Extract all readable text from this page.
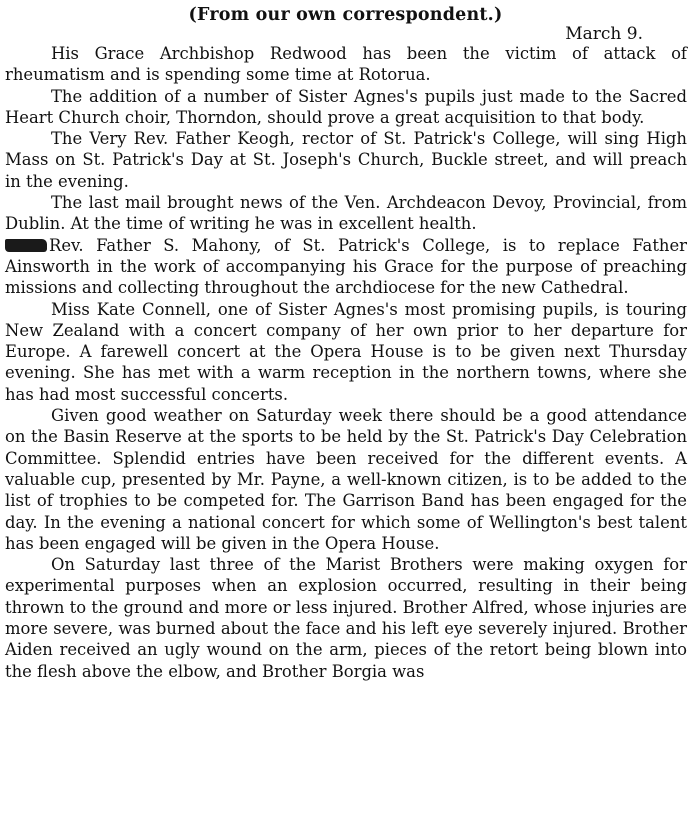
(From our own correspondent.)
March 9.

His Grace Archbishop Redwood has been the victim of attack of rheumatism and is spending some time at Rotorua.

The addition of a number of Sister Agnes's pupils just made to the Sacred Heart Church choir, Thorndon, should prove a great acquisition to that body.

The Very Rev. Father Keogh, rector of St. Patrick's College, will sing High Mass on St. Patrick's Day at St. Joseph's Church, Buckle street, and will preach in the evening.

The last mail brought news of the Ven. Archdeacon Devoy, Provincial, from Dublin. At the time of writing he was in excellent health.

Rev. Father S. Mahony, of St. Patrick's College, is to replace Father Ainsworth in the work of accompanying his Grace for the purpose of preaching missions and collecting throughout the archdiocese for the new Cathedral.

Miss Kate Connell, one of Sister Agnes's most promising pupils, is touring New Zealand with a concert company of her own prior to her departure for Europe. A farewell concert at the Opera House is to be given next Thursday evening. She has met with a warm reception in the northern towns, where she has had most successful concerts.

Given good weather on Saturday week there should be a good attendance on the Basin Reserve at the sports to be held by the St. Patrick's Day Celebration Committee. Splendid entries have been received for the different events. A valuable cup, presented by Mr. Payne, a well-known citizen, is to be added to the list of trophies to be competed for. The Garrison Band has been engaged for the day. In the evening a national concert for which some of Wellington's best talent has been engaged will be given in the Opera House.

On Saturday last three of the Marist Brothers were making oxygen for experimental purposes when an explosion occurred, resulting in their being thrown to the ground and more or less injured. Brother Alfred, whose injuries are more severe, was burned about the face and his left eye severely injured. Brother Aiden received an ugly wound on the arm, pieces of the retort being blown into the flesh above the elbow, and Brother Borgia was
